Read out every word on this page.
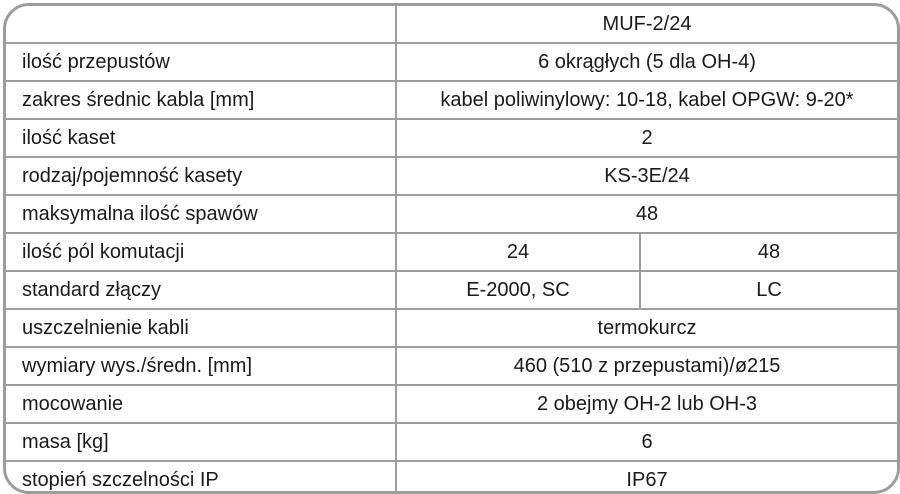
	MUF-2/24	
ilość przepustów	6 okrągłych (5 dla OH-4)	
zakres średnic kabla [mm]	kabel poliwinylowy: 10-18, kabel OPGW: 9-20*	
ilość kaset	2	
rodzaj/pojemność kasety	KS-3E/24	
maksymalna ilość spawów	48	
ilość pól komutacji	24	48
standard złączy	E-2000, SC	LC
uszczelnienie kabli	termokurcz	
wymiary wys./średn. [mm]	460 (510 z przepustami)/ø215	
mocowanie	2 obejmy OH-2 lub OH-3	
masa [kg]	6	
stopień szczelności IP	IP67	
